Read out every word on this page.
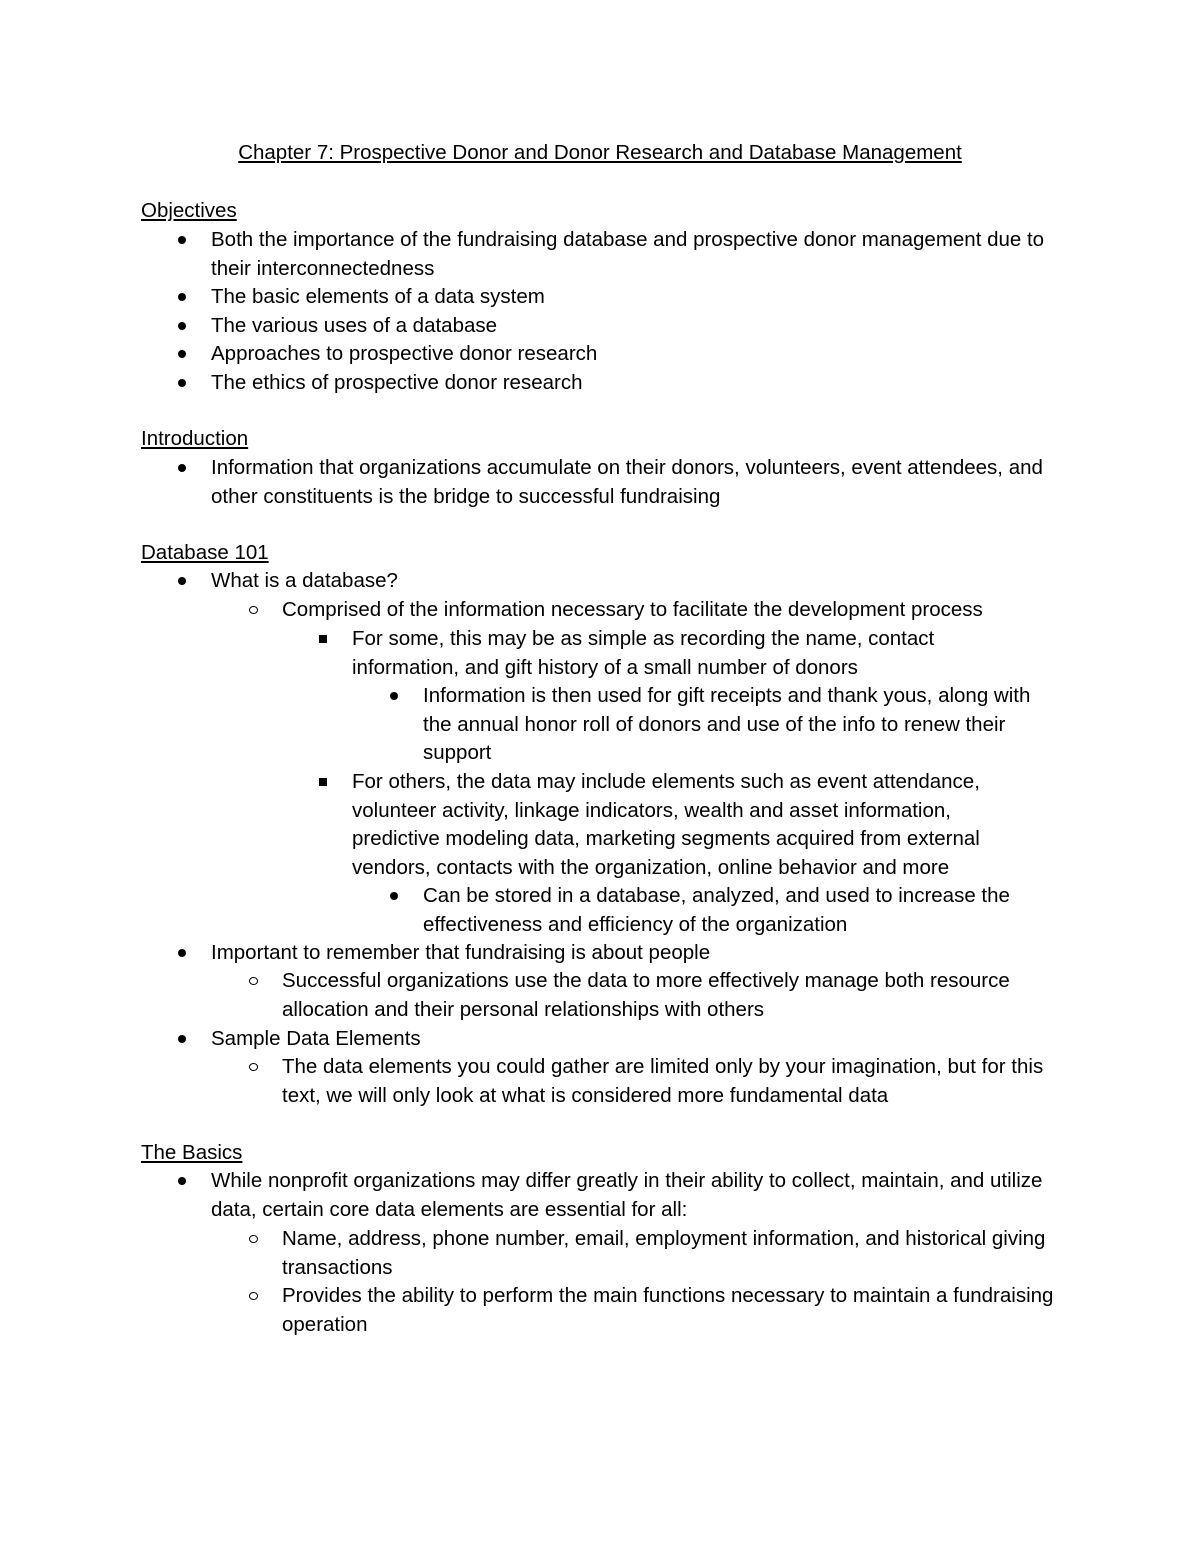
Chapter 7: Prospective Donor and Donor Research and Database Management
Objectives
Both the importance of the fundraising database and prospective donor management due to their interconnectedness
The basic elements of a data system
The various uses of a database
Approaches to prospective donor research
The ethics of prospective donor research
Introduction
Information that organizations accumulate on their donors, volunteers, event attendees, and other constituents is the bridge to successful fundraising
Database 101
What is a database?
Comprised of the information necessary to facilitate the development process
For some, this may be as simple as recording the name, contact information, and gift history of a small number of donors
Information is then used for gift receipts and thank yous, along with the annual honor roll of donors and use of the info to renew their support
For others, the data may include elements such as event attendance, volunteer activity, linkage indicators, wealth and asset information, predictive modeling data, marketing segments acquired from external vendors, contacts with the organization, online behavior and more
Can be stored in a database, analyzed, and used to increase the effectiveness and efficiency of the organization
Important to remember that fundraising is about people
Successful organizations use the data to more effectively manage both resource allocation and their personal relationships with others
Sample Data Elements
The data elements you could gather are limited only by your imagination, but for this text, we will only look at what is considered more fundamental data
The Basics
While nonprofit organizations may differ greatly in their ability to collect, maintain, and utilize data, certain core data elements are essential for all:
Name, address, phone number, email, employment information, and historical giving transactions
Provides the ability to perform the main functions necessary to maintain a fundraising operation
